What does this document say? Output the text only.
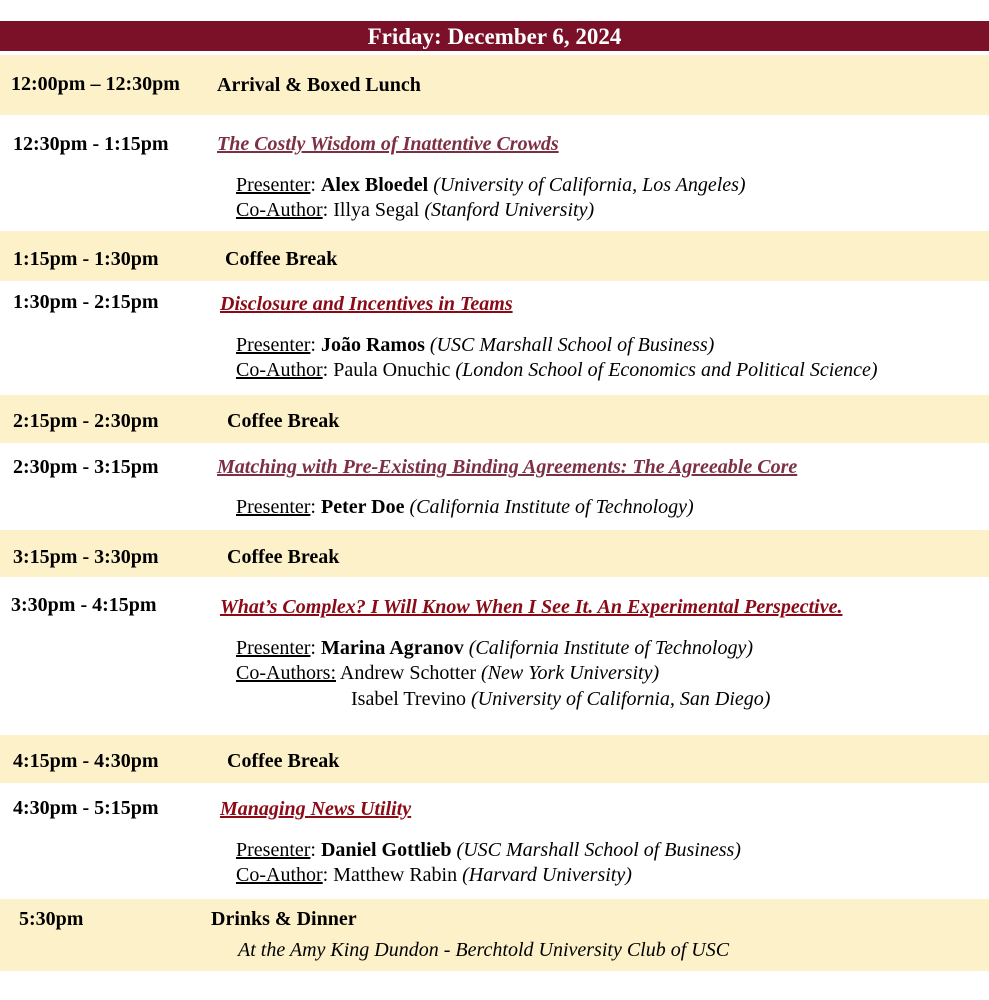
Friday: December 6, 2024
12:00pm – 12:30pm Arrival & Boxed Lunch
12:30pm - 1:15pm The Costly Wisdom of Inattentive Crowds
Presenter: Alex Bloedel (University of California, Los Angeles)
Co-Author: Illya Segal (Stanford University)
1:15pm - 1:30pm	Coffee Break
1:30pm - 2:15pm	Disclosure and Incentives in Teams
Presenter: João Ramos (USC Marshall School of Business)
Co-Author: Paula Onuchic (London School of Economics and Political Science)
2:15pm - 2:30pm	Coffee Break
2:30pm - 3:15pm	Matching with Pre-Existing Binding Agreements: The Agreeable Core
Presenter: Peter Doe (California Institute of Technology)
3:15pm - 3:30pm	Coffee Break
3:30pm - 4:15pm	What’s Complex? I Will Know When I See It. An Experimental Perspective.
Presenter: Marina Agranov (California Institute of Technology)
Co-Authors: Andrew Schotter (New York University)
Isabel Trevino (University of California, San Diego)
4:15pm - 4:30pm	Coffee Break
4:30pm - 5:15pm	Managing News Utility
Presenter: Daniel Gottlieb (USC Marshall School of Business)
Co-Author: Matthew Rabin (Harvard University)
5:30pm	Drinks & Dinner
At the Amy King Dundon - Berchtold University Club of USC
